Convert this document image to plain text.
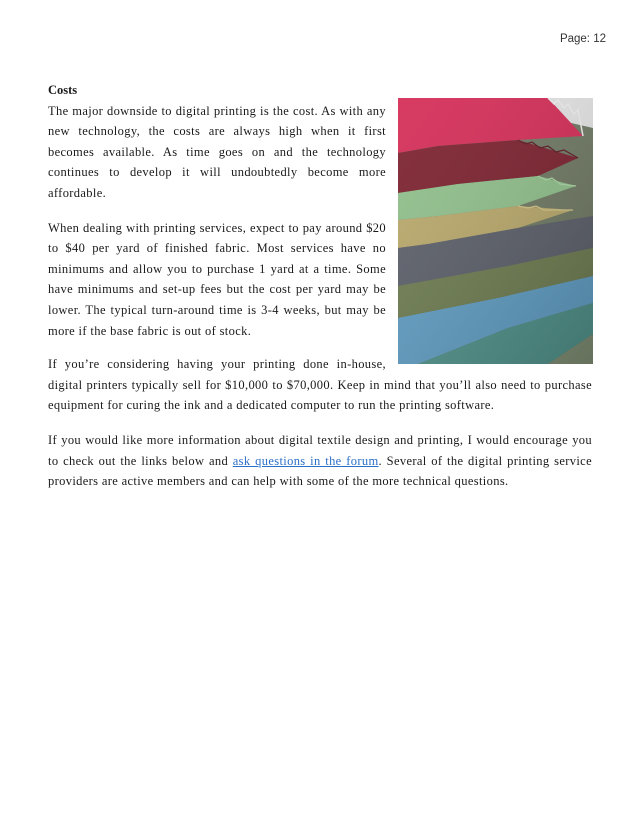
Page: 12

Costs

The major downside to digital printing is the cost. As with any new technology, the costs are always high when it first becomes available. As time goes on and the technology continues to develop it will undoubtedly become more affordable.

When dealing with printing services, expect to pay around $20 to $40 per yard of finished fabric. Most services have no minimums and allow you to purchase 1 yard at a time. Some have minimums and set-up fees but the cost per yard may be lower. The typical turn-around time is 3-4 weeks, but may be more if the base fabric is out of stock.

If you’re considering having your printing done in-house,
digital printers typically sell for $10,000 to $70,000. Keep in mind that you’ll also need to purchase equipment for curing the ink and a dedicated computer to run the printing software.

If you would like more information about digital textile design and printing, I would encourage you to check out the links below and ask questions in the forum. Several of the digital printing service providers are active members and can help with some of the more technical questions.
